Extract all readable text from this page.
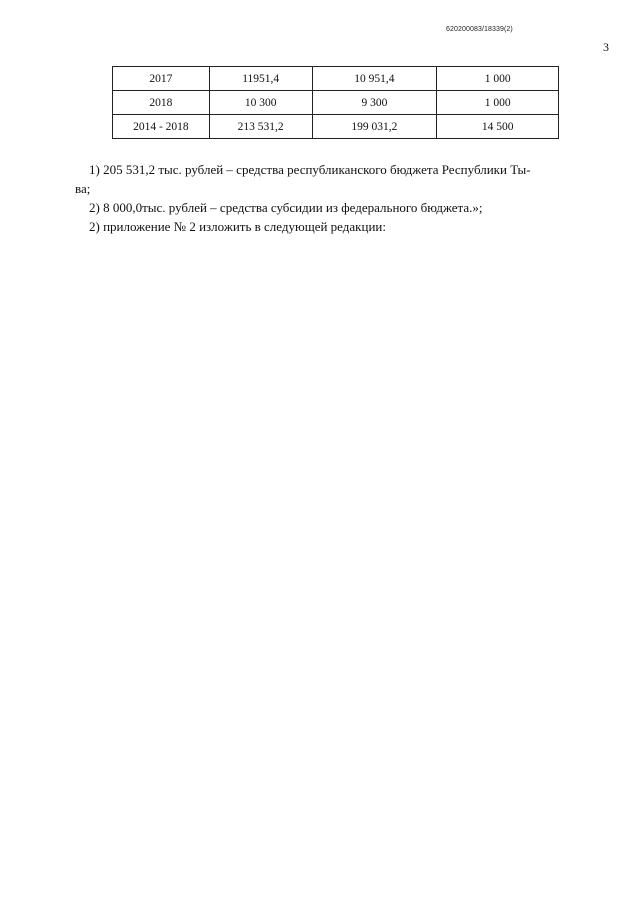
620200083/18339(2)
3
2017	11951,4	10 951,4	1 000
2018	10 300	9 300	1 000
2014 - 2018	213 531,2	199 031,2	14 500

1) 205 531,2 тыс. рублей – средства республиканского бюджета Республики Ты-

ва;

2) 8 000,0тыс. рублей – средства субсидии из федерального бюджета.»;

2) приложение № 2 изложить в следующей редакции:
